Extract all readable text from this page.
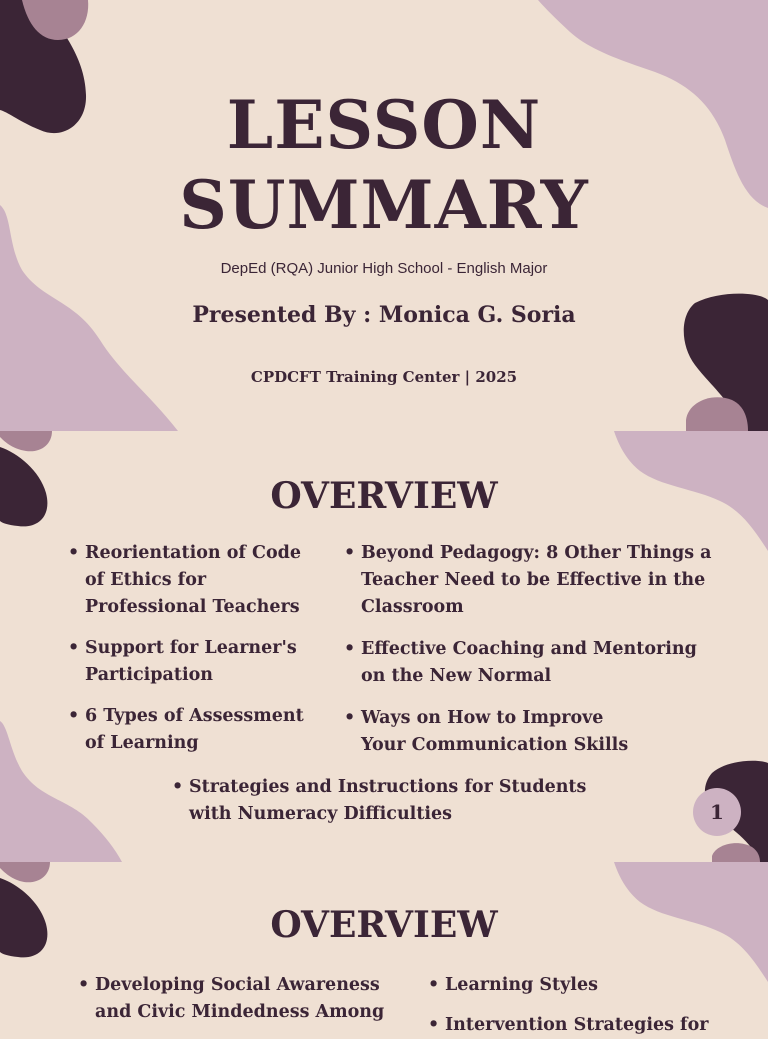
LESSON
SUMMARY
DepEd (RQA) Junior High School - English Major
Presented By : Monica G. Soria
CPDCFT Training Center | 2025
OVERVIEW
• Reorientation of Code of Ethics for Professional Teachers
• Beyond Pedagogy: 8 Other Things a Teacher Need to be Effective in the Classroom
• Support for Learner's Participation
• Effective Coaching and Mentoring on the New Normal
• 6 Types of Assessment of Learning
• Ways on How to Improve Your Communication Skills
• Strategies and Instructions for Students with Numeracy Difficulties	1
OVERVIEW
• Developing Social Awareness and Civic Mindedness Among
• Learning Styles
• Intervention Strategies for
